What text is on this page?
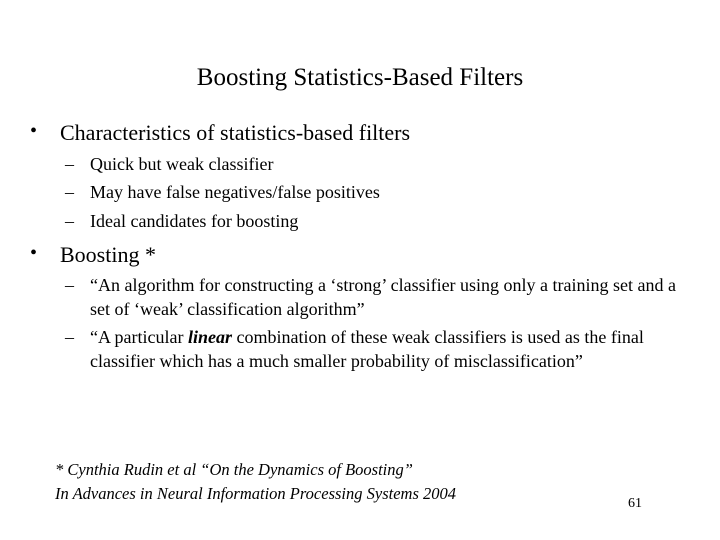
Boosting Statistics-Based Filters
• Characteristics of statistics-based filters
– Quick but weak classifier
– May have false negatives/false positives
– Ideal candidates for boosting
• Boosting *
– “An algorithm for constructing a ‘strong’ classifier using only a training set and a set of ‘weak’ classification algorithm”
– “A particular linear combination of these weak classifiers is used as the final classifier which has a much smaller probability of misclassification”
* Cynthia Rudin et al “On the Dynamics of Boosting”
In Advances in Neural Information Processing Systems 2004
61
